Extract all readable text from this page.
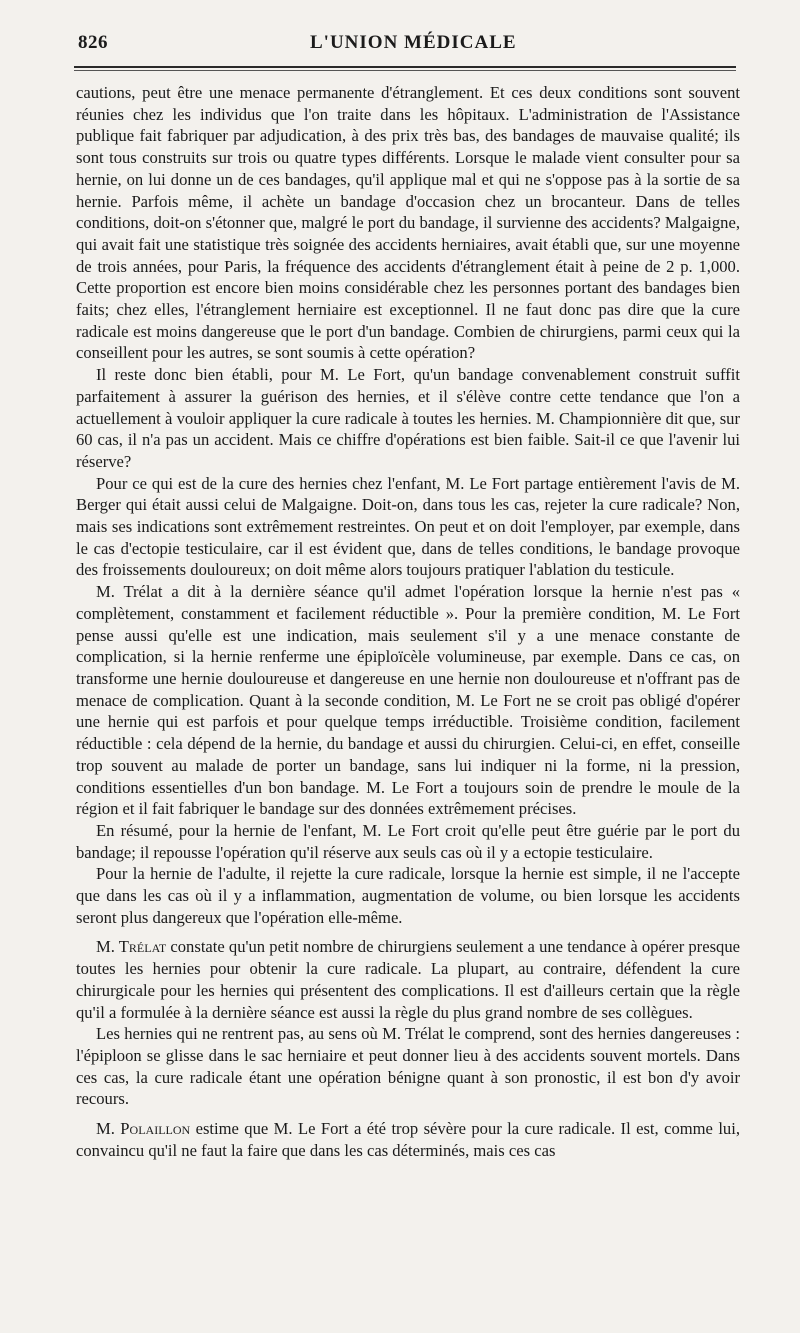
826	L'UNION MÉDICALE

cautions, peut être une menace permanente d'étranglement. Et ces deux conditions sont souvent réunies chez les individus que l'on traite dans les hôpitaux. L'administration de l'Assistance publique fait fabriquer par adjudication, à des prix très bas, des bandages de mauvaise qualité; ils sont tous construits sur trois ou quatre types différents. Lorsque le malade vient consulter pour sa hernie, on lui donne un de ces bandages, qu'il applique mal et qui ne s'oppose pas à la sortie de sa hernie. Parfois même, il achète un bandage d'occasion chez un brocanteur. Dans de telles conditions, doit-on s'étonner que, malgré le port du bandage, il survienne des accidents? Malgaigne, qui avait fait une statistique très soignée des accidents herniaires, avait établi que, sur une moyenne de trois années, pour Paris, la fréquence des accidents d'étranglement était à peine de 2 p. 1,000. Cette proportion est encore bien moins considérable chez les personnes portant des bandages bien faits; chez elles, l'étranglement herniaire est exceptionnel. Il ne faut donc pas dire que la cure radicale est moins dangereuse que le port d'un bandage. Combien de chirurgiens, parmi ceux qui la conseillent pour les autres, se sont soumis à cette opération?

Il reste donc bien établi, pour M. Le Fort, qu'un bandage convenablement construit suffit parfaitement à assurer la guérison des hernies, et il s'élève contre cette tendance que l'on a actuellement à vouloir appliquer la cure radicale à toutes les hernies. M. Championnière dit que, sur 60 cas, il n'a pas un accident. Mais ce chiffre d'opérations est bien faible. Sait-il ce que l'avenir lui réserve?

Pour ce qui est de la cure des hernies chez l'enfant, M. Le Fort partage entièrement l'avis de M. Berger qui était aussi celui de Malgaigne. Doit-on, dans tous les cas, rejeter la cure radicale? Non, mais ses indications sont extrêmement restreintes. On peut et on doit l'employer, par exemple, dans le cas d'ectopie testiculaire, car il est évident que, dans de telles conditions, le bandage provoque des froissements douloureux; on doit même alors toujours pratiquer l'ablation du testicule.

M. Trélat a dit à la dernière séance qu'il admet l'opération lorsque la hernie n'est pas « complètement, constamment et facilement réductible ». Pour la première condition, M. Le Fort pense aussi qu'elle est une indication, mais seulement s'il y a une menace constante de complication, si la hernie renferme une épiploïcèle volumineuse, par exemple. Dans ce cas, on transforme une hernie douloureuse et dangereuse en une hernie non douloureuse et n'offrant pas de menace de complication. Quant à la seconde condition, M. Le Fort ne se croit pas obligé d'opérer une hernie qui est parfois et pour quelque temps irréductible. Troisième condition, facilement réductible : cela dépend de la hernie, du bandage et aussi du chirurgien. Celui-ci, en effet, conseille trop souvent au malade de porter un bandage, sans lui indiquer ni la forme, ni la pression, conditions essentielles d'un bon bandage. M. Le Fort a toujours soin de prendre le moule de la région et il fait fabriquer le bandage sur des données extrêmement précises.

En résumé, pour la hernie de l'enfant, M. Le Fort croit qu'elle peut être guérie par le port du bandage; il repousse l'opération qu'il réserve aux seuls cas où il y a ectopie testiculaire.

Pour la hernie de l'adulte, il rejette la cure radicale, lorsque la hernie est simple, il ne l'accepte que dans les cas où il y a inflammation, augmentation de volume, ou bien lorsque les accidents seront plus dangereux que l'opération elle-même.

M. Trélat constate qu'un petit nombre de chirurgiens seulement a une tendance à opérer presque toutes les hernies pour obtenir la cure radicale. La plupart, au contraire, défendent la cure chirurgicale pour les hernies qui présentent des complications. Il est d'ailleurs certain que la règle qu'il a formulée à la dernière séance est aussi la règle du plus grand nombre de ses collègues.

Les hernies qui ne rentrent pas, au sens où M. Trélat le comprend, sont des hernies dangereuses : l'épiploon se glisse dans le sac herniaire et peut donner lieu à des accidents souvent mortels. Dans ces cas, la cure radicale étant une opération bénigne quant à son pronostic, il est bon d'y avoir recours.

M. Polaillon estime que M. Le Fort a été trop sévère pour la cure radicale. Il est, comme lui, convaincu qu'il ne faut la faire que dans les cas déterminés, mais ces cas
